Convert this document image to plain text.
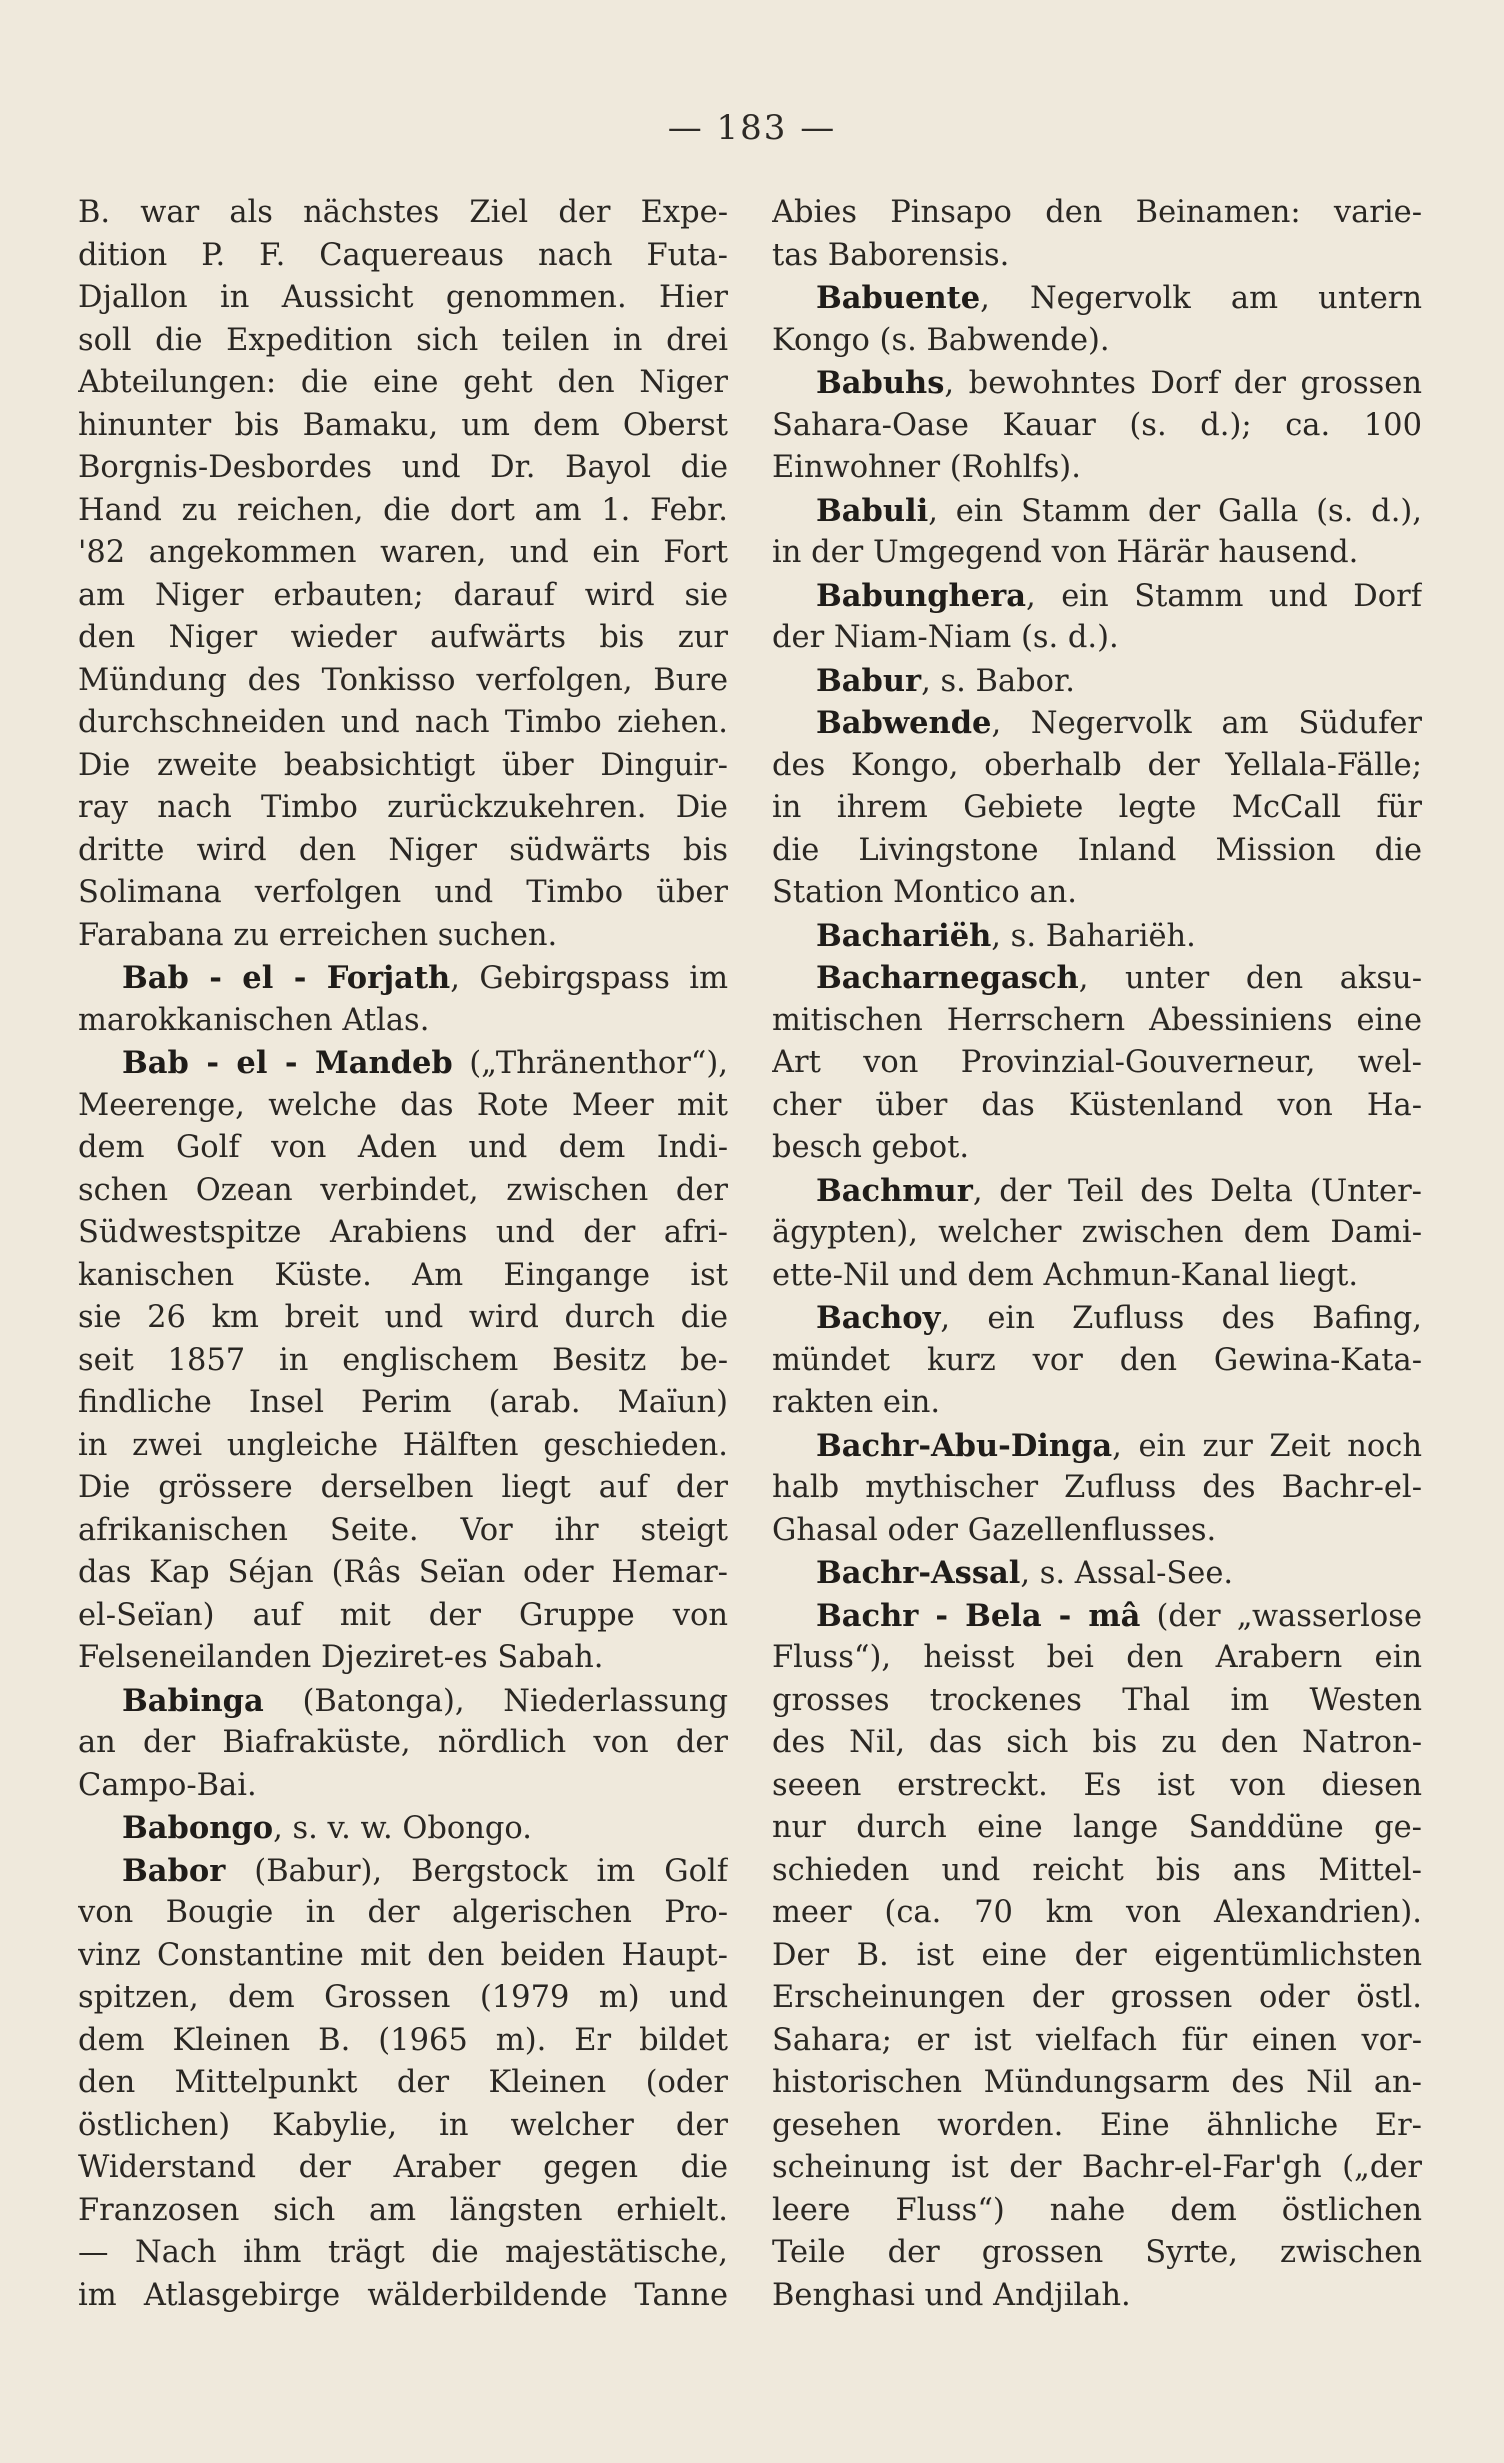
— 183 —
B. war als nächstes Ziel der Expe-
dition P. F. Caquereaus nach Futa-
Djallon in Aussicht genommen. Hier
soll die Expedition sich teilen in drei
Abteilungen: die eine geht den Niger
hinunter bis Bamaku, um dem Oberst
Borgnis-Desbordes und Dr. Bayol die
Hand zu reichen, die dort am 1. Febr.
'82 angekommen waren, und ein Fort
am Niger erbauten; darauf wird sie
den Niger wieder aufwärts bis zur
Mündung des Tonkisso verfolgen, Bure
durchschneiden und nach Timbo ziehen.
Die zweite beabsichtigt über Dinguir-
ray nach Timbo zurückzukehren. Die
dritte wird den Niger südwärts bis
Solimana verfolgen und Timbo über
Farabana zu erreichen suchen.
Bab - el - Forjath, Gebirgspass im
marokkanischen Atlas.
Bab - el - Mandeb („Thränenthor“),
Meerenge, welche das Rote Meer mit
dem Golf von Aden und dem Indi-
schen Ozean verbindet, zwischen der
Südwestspitze Arabiens und der afri-
kanischen Küste. Am Eingange ist
sie 26 km breit und wird durch die
seit 1857 in englischem Besitz be-
findliche Insel Perim (arab. Maïun)
in zwei ungleiche Hälften geschieden.
Die grössere derselben liegt auf der
afrikanischen Seite. Vor ihr steigt
das Kap Séjan (Râs Seïan oder Hemar-
el-Seïan) auf mit der Gruppe von
Felseneilanden Djeziret-es Sabah.
Babinga (Batonga), Niederlassung
an der Biafraküste, nördlich von der
Campo-Bai.
Babongo, s. v. w. Obongo.
Babor (Babur), Bergstock im Golf
von Bougie in der algerischen Pro-
vinz Constantine mit den beiden Haupt-
spitzen, dem Grossen (1979 m) und
dem Kleinen B. (1965 m). Er bildet
den Mittelpunkt der Kleinen (oder
östlichen) Kabylie, in welcher der
Widerstand der Araber gegen die
Franzosen sich am längsten erhielt.
— Nach ihm trägt die majestätische,
im Atlasgebirge wälderbildende Tanne
Abies Pinsapo den Beinamen: varie-
tas Baborensis.
Babuente, Negervolk am untern
Kongo (s. Babwende).
Babuhs, bewohntes Dorf der grossen
Sahara-Oase Kauar (s. d.); ca. 100
Einwohner (Rohlfs).
Babuli, ein Stamm der Galla (s. d.),
in der Umgegend von Härär hausend.
Babunghera, ein Stamm und Dorf
der Niam-Niam (s. d.).
Babur, s. Babor.
Babwende, Negervolk am Südufer
des Kongo, oberhalb der Yellala-Fälle;
in ihrem Gebiete legte McCall für
die Livingstone Inland Mission die
Station Montico an.
Bachariëh, s. Bahariëh.
Bacharnegasch, unter den aksu-
mitischen Herrschern Abessiniens eine
Art von Provinzial-Gouverneur, wel-
cher über das Küstenland von Ha-
besch gebot.
Bachmur, der Teil des Delta (Unter-
ägypten), welcher zwischen dem Dami-
ette-Nil und dem Achmun-Kanal liegt.
Bachoy, ein Zufluss des Bafing,
mündet kurz vor den Gewina-Kata-
rakten ein.
Bachr-Abu-Dinga, ein zur Zeit noch
halb mythischer Zufluss des Bachr-el-
Ghasal oder Gazellenflusses.
Bachr-Assal, s. Assal-See.
Bachr - Bela - mâ (der „wasserlose
Fluss“), heisst bei den Arabern ein
grosses trockenes Thal im Westen
des Nil, das sich bis zu den Natron-
seeen erstreckt. Es ist von diesen
nur durch eine lange Sanddüne ge-
schieden und reicht bis ans Mittel-
meer (ca. 70 km von Alexandrien).
Der B. ist eine der eigentümlichsten
Erscheinungen der grossen oder östl.
Sahara; er ist vielfach für einen vor-
historischen Mündungsarm des Nil an-
gesehen worden. Eine ähnliche Er-
scheinung ist der Bachr-el-Far'gh („der
leere Fluss“) nahe dem östlichen
Teile der grossen Syrte, zwischen
Benghasi und Andjilah.
